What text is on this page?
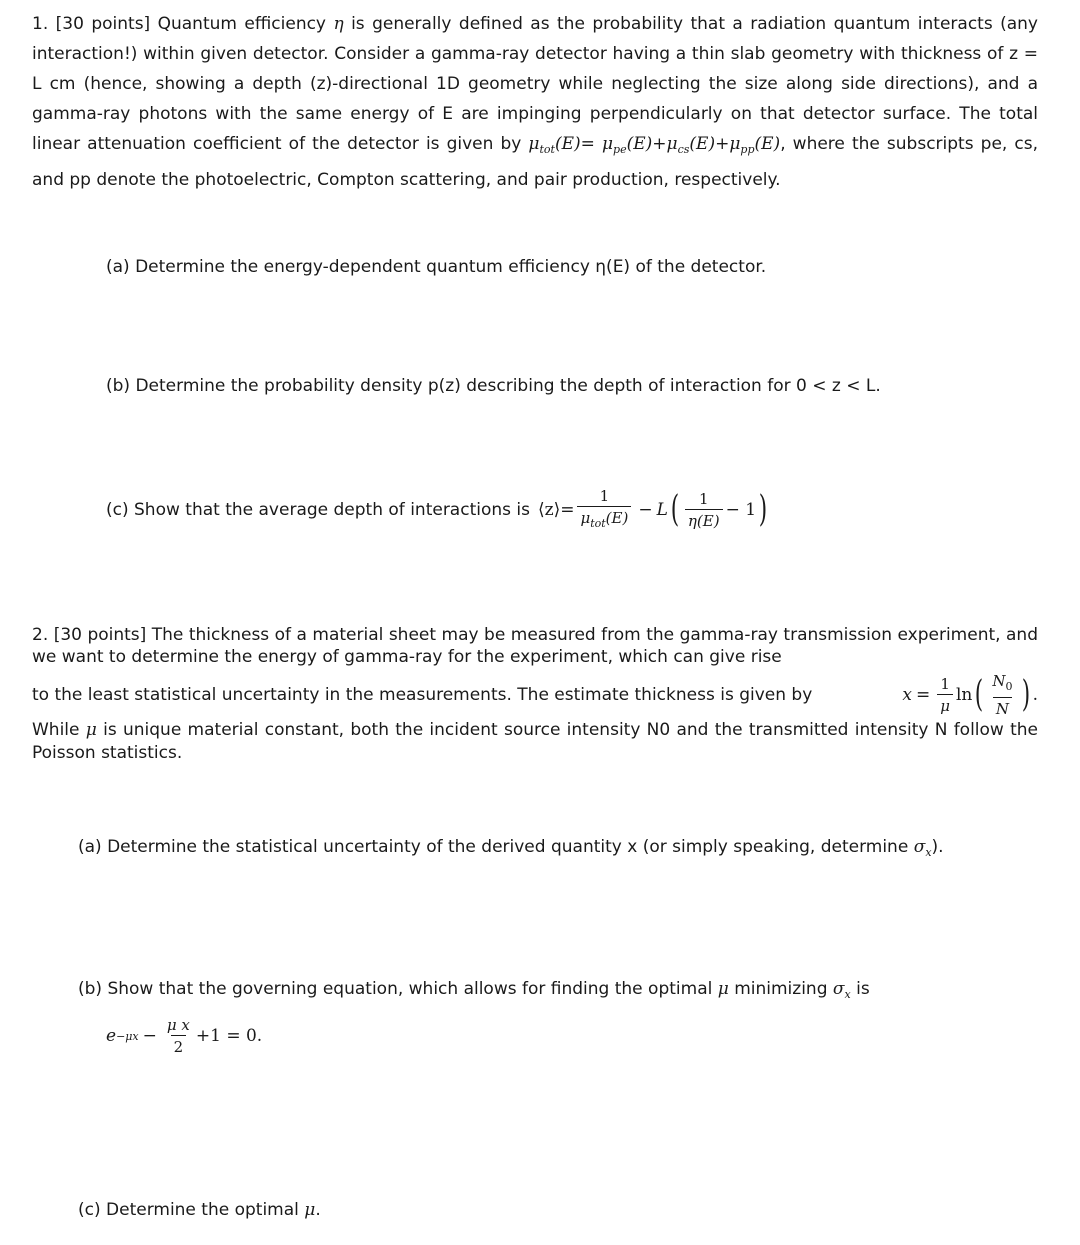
1. [30 points] Quantum efficiency η is generally defined as the probability that a radiation quantum interacts (any interaction!) within given detector. Consider a gamma-ray detector having a thin slab geometry with thickness of z = L cm (hence, showing a depth (z)-directional 1D geometry while neglecting the size along side directions), and a gamma-ray photons with the same energy of E are impinging perpendicularly on that detector surface. The total linear attenuation coefficient of the detector is given by $\mu_{tot}(E)= \mu_{pe}(E)+\mu_{cs}(E)+\mu_{pp}(E)$, where the subscripts pe, cs, and pp denote the photoelectric, Compton scattering, and pair production, respectively.

(a) Determine the energy-dependent quantum efficiency η(E) of the detector.

(b) Determine the probability density p(z) describing the depth of interaction for 0 < z < L.

(c) Show that the average depth of interactions is ⟨z⟩= $\frac{1}{\mu_{tot}(E)} - L$ ( $\frac{1}{\eta(E)} - 1$ )

2. [30 points] The thickness of a material sheet may be measured from the gamma-ray transmission experiment, and we want to determine the energy of gamma-ray for the experiment, which can give rise

to the least statistical uncertainty in the measurements. The estimate thickness is given by	$x = \frac{1}{\mu}$ ln ( $\frac{N_0}{N}$ ) .

While μ is unique material constant, both the incident source intensity N0 and the transmitted intensity N follow the Poisson statistics.

(a) Determine the statistical uncertainty of the derived quantity x (or simply speaking, determine $\sigma_x$).

(b) Show that the governing equation, which allows for finding the optimal μ minimizing $\sigma_x$ is

$e -\mu x - \frac{\text{μ x}}{2} +1 = 0$.

(c) Determine the optimal μ.
